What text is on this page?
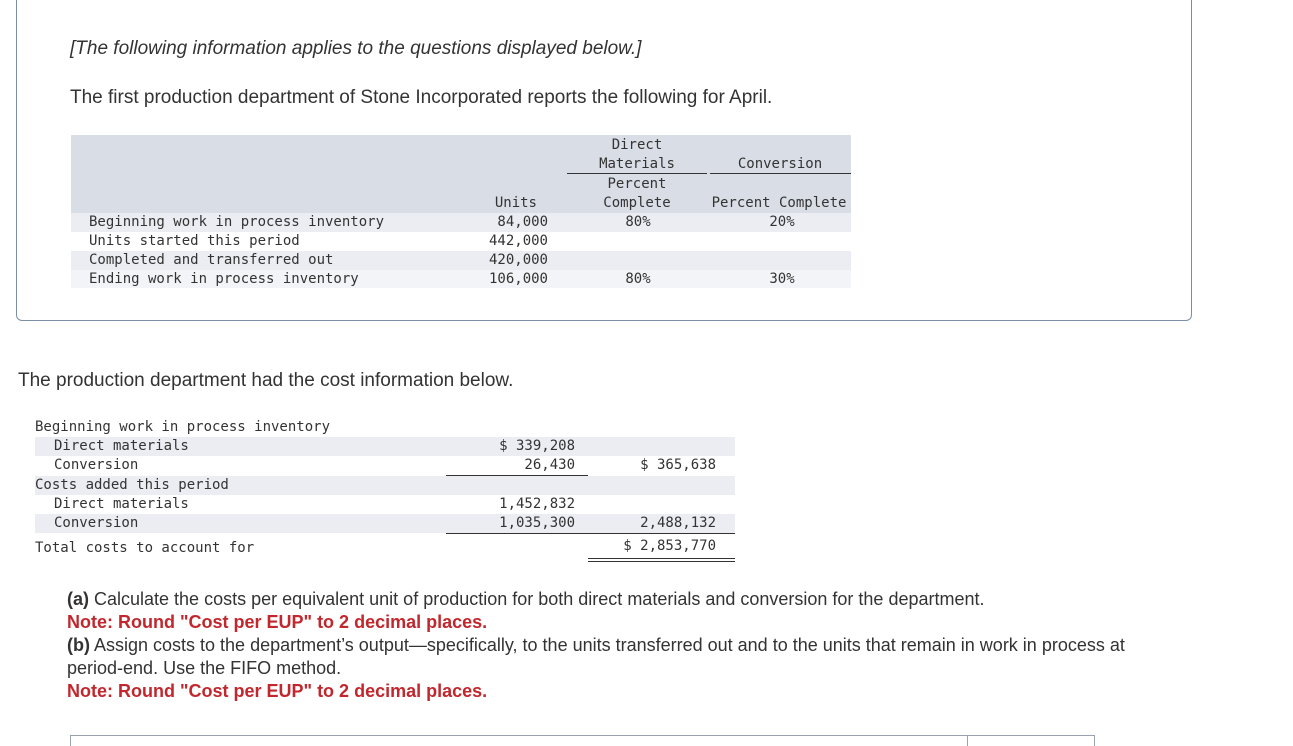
[The following information applies to the questions displayed below.]
The first production department of Stone Incorporated reports the following for April.
Direct
Materials	Conversion
Percent
Complete
Units	Percent Complete
Beginning work in process inventory	84,000	80%	20%
Units started this period	442,000
Completed and transferred out	420,000
Ending work in process inventory	106,000	80%	30%
The production department had the cost information below.
Beginning work in process inventory
Direct materials	$ 339,208
Conversion	26,430	$ 365,638
Costs added this period
Direct materials	1,452,832
Conversion	1,035,300	2,488,132
Total costs to account for	$ 2,853,770
(a) Calculate the costs per equivalent unit of production for both direct materials and conversion for the department.
Note: Round "Cost per EUP" to 2 decimal places.
(b) Assign costs to the department’s output—specifically, to the units transferred out and to the units that remain in work in process at period-end. Use the FIFO method.
Note: Round "Cost per EUP" to 2 decimal places.
